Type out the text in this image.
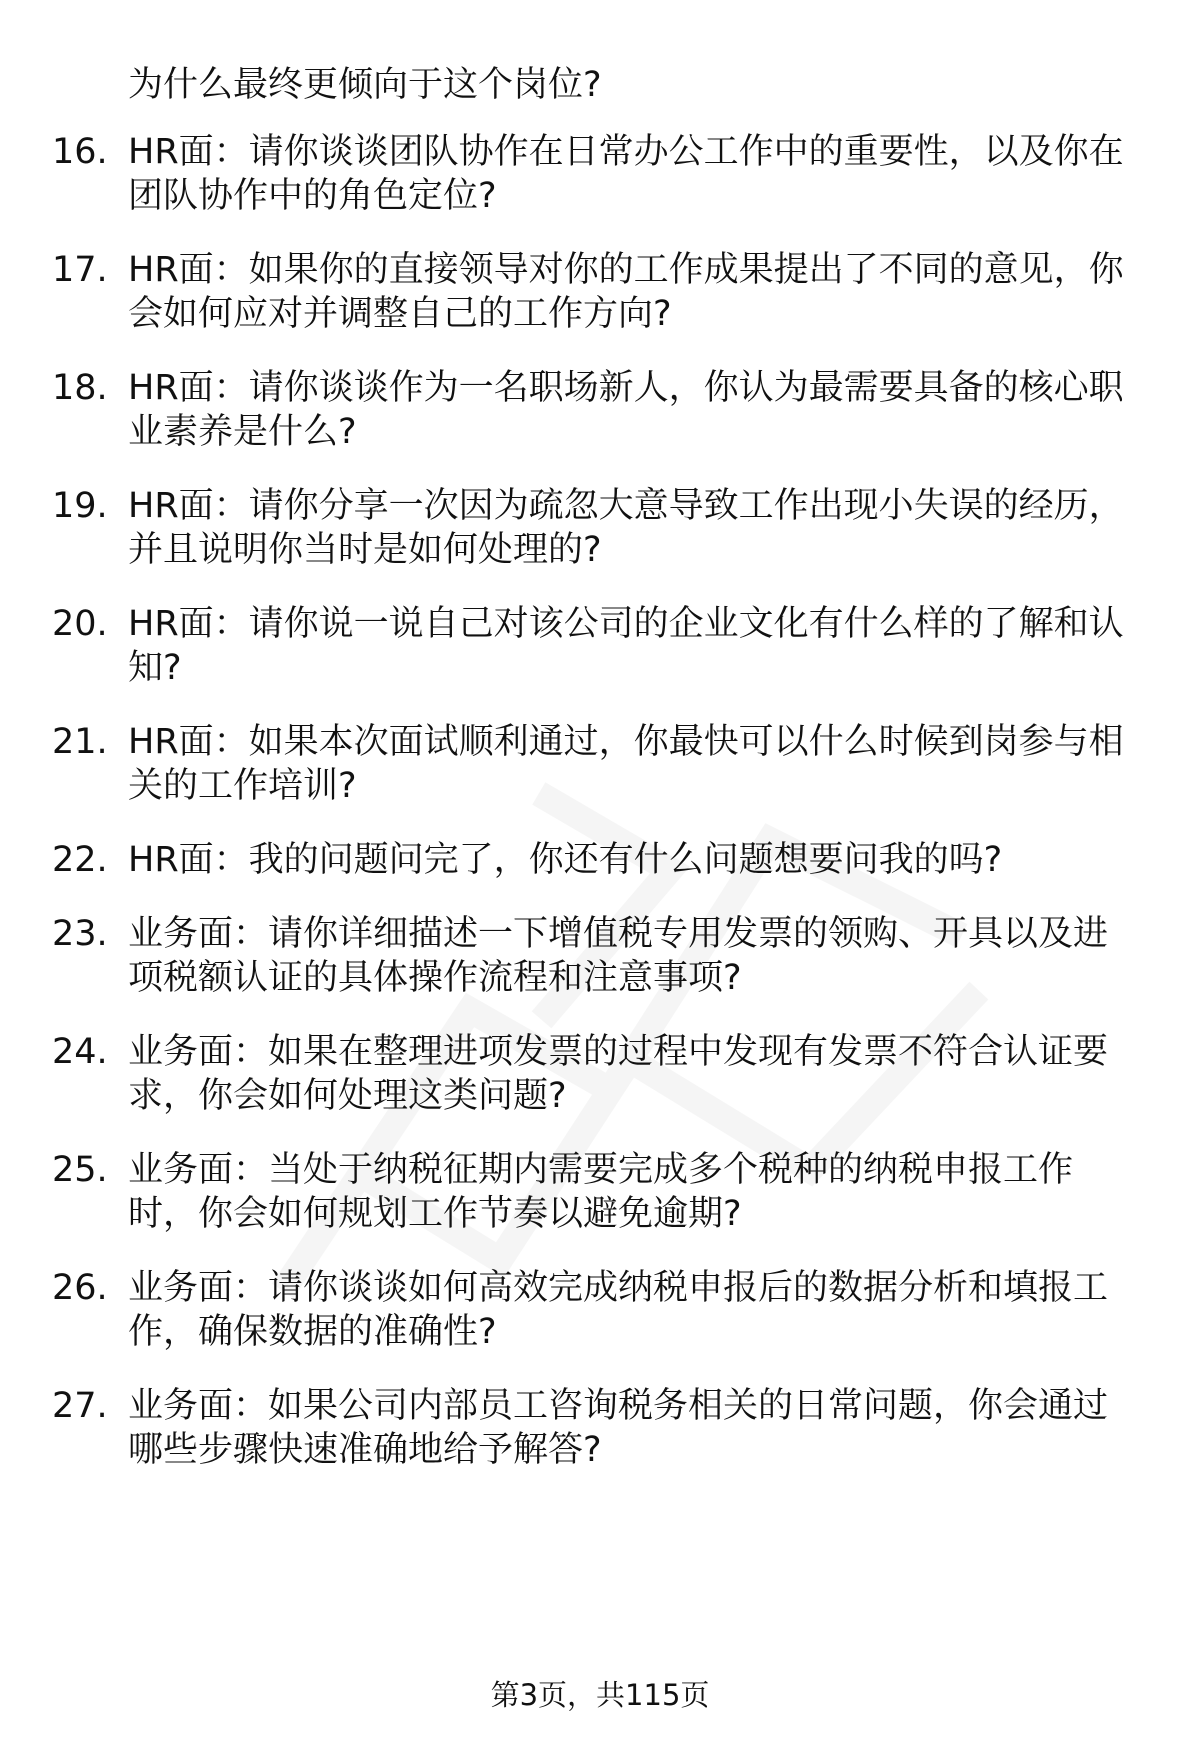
为什么最终更倾向于这个岗位?
16. HR面：请你谈谈团队协作在日常办公工作中的重要性，以及你在
团队协作中的角色定位?
17. HR面：如果你的直接领导对你的工作成果提出了不同的意见，你
会如何应对并调整自己的工作方向?
18. HR面：请你谈谈作为一名职场新人，你认为最需要具备的核心职
业素养是什么?
19. HR面：请你分享一次因为疏忽大意导致工作出现小失误的经历，
并且说明你当时是如何处理的?
20. HR面：请你说一说自己对该公司的企业文化有什么样的了解和认
知?
21. HR面：如果本次面试顺利通过，你最快可以什么时候到岗参与相
关的工作培训?
22. HR面：我的问题问完了，你还有什么问题想要问我的吗?
23. 业务面：请你详细描述一下增值税专用发票的领购、开具以及进
项税额认证的具体操作流程和注意事项?
24. 业务面：如果在整理进项发票的过程中发现有发票不符合认证要
求，你会如何处理这类问题?
25. 业务面：当处于纳税征期内需要完成多个税种的纳税申报工作
时，你会如何规划工作节奏以避免逾期?
26. 业务面：请你谈谈如何高效完成纳税申报后的数据分析和填报工
作，确保数据的准确性?
27. 业务面：如果公司内部员工咨询税务相关的日常问题，你会通过
哪些步骤快速准确地给予解答?
第3页，共115页
